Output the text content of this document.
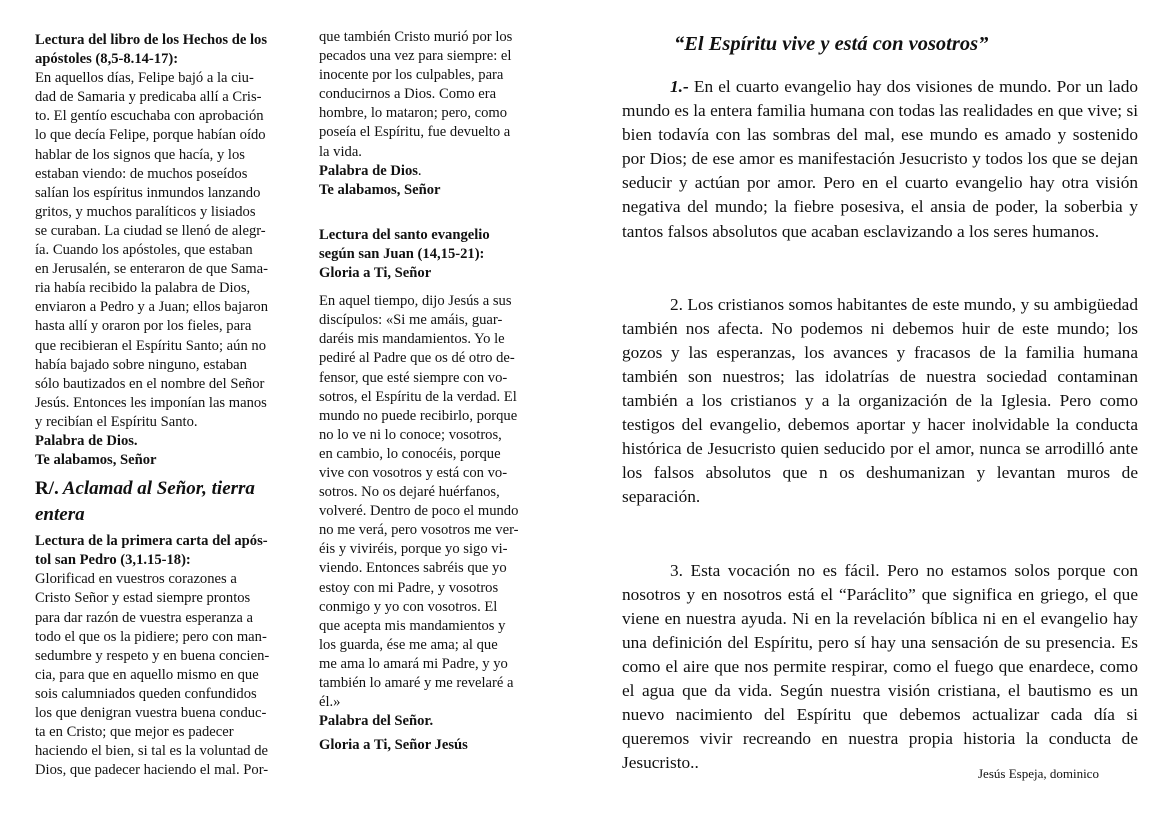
Lectura del libro de los Hechos de los apóstoles (8,5-8.14-17):

En aquellos días, Felipe bajó a la ciu-
dad de Samaria y predicaba allí a Cris-
to. El gentío escuchaba con aprobación
lo que decía Felipe, porque habían oído
hablar de los signos que hacía, y los
estaban viendo: de muchos poseídos
salían los espíritus inmundos lanzando
gritos, y muchos paralíticos y lisiados
se curaban. La ciudad se llenó de alegr-
ía. Cuando los apóstoles, que estaban
en Jerusalén, se enteraron de que Sama-
ria había recibido la palabra de Dios,
enviaron a Pedro y a Juan; ellos bajaron
hasta allí y oraron por los fieles, para
que recibieran el Espíritu Santo; aún no
había bajado sobre ninguno, estaban
sólo bautizados en el nombre del Señor
Jesús. Entonces les imponían las manos
y recibían el Espíritu Santo.

Palabra de Dios.

Te alabamos, Señor

R/. Aclamad al Señor, tierra entera

Lectura de la primera carta del após-
tol san Pedro (3,1.15-18):

Glorificad en vuestros corazones a
Cristo Señor y estad siempre prontos
para dar razón de vuestra esperanza a
todo el que os la pidiere; pero con man-
sedumbre y respeto y en buena concien-
cia, para que en aquello mismo en que
sois calumniados queden confundidos
los que denigran vuestra buena conduc-
ta en Cristo; que mejor es padecer
haciendo el bien, si tal es la voluntad de
Dios, que padecer haciendo el mal. Por-

que también Cristo murió por los
pecados una vez para siempre: el
inocente por los culpables, para
conducirnos a Dios. Como era
hombre, lo mataron; pero, como
poseía el Espíritu, fue devuelto a
la vida.

Palabra de Dios.

Te alabamos, Señor

Lectura del santo evangelio
según san Juan (14,15-21):

Gloria a Ti, Señor

En aquel tiempo, dijo Jesús a sus
discípulos: «Si me amáis, guar-
daréis mis mandamientos. Yo le
pediré al Padre que os dé otro de-
fensor, que esté siempre con vo-
sotros, el Espíritu de la verdad. El
mundo no puede recibirlo, porque
no lo ve ni lo conoce; vosotros,
en cambio, lo conocéis, porque
vive con vosotros y está con vo-
sotros. No os dejaré huérfanos,
volveré. Dentro de poco el mundo
no me verá, pero vosotros me ver-
éis y viviréis, porque yo sigo vi-
viendo. Entonces sabréis que yo
estoy con mi Padre, y vosotros
conmigo y yo con vosotros. El
que acepta mis mandamientos y
los guarda, ése me ama; al que
me ama lo amará mi Padre, y yo
también lo amaré y me revelaré a
él.»

Palabra del Señor.

Gloria a Ti, Señor Jesús

“El Espíritu vive y está con vosotros”

1.- En el cuarto evangelio hay dos visiones de mundo. Por un lado mundo es la entera familia humana con todas las realidades en que vive; si bien todavía con las sombras del mal, ese mundo es amado y sostenido por Dios; de ese amor es manifestación Jesucristo y todos los que se dejan seducir y actúan por amor. Pero en el cuarto evangelio hay otra visión negativa del mundo; la fiebre posesiva, el ansia de poder, la soberbia y tantos falsos absolutos que acaban esclavizando a los seres humanos.

2. Los cristianos somos habitantes de este mundo, y su ambigüedad también nos afecta. No podemos ni debemos huir de este mundo; los gozos y las esperanzas, los avances y fracasos de la familia humana también son nuestros; las idolatrías de nuestra sociedad contaminan también a los cristianos y a la organización de la Iglesia. Pero como testigos del evangelio, debemos aportar y hacer inolvidable la conducta histórica de Jesucristo quien seducido por el amor, nunca se arrodilló ante los falsos absolutos que n os deshumanizan y levantan muros de separación.

3. Esta vocación no es fácil. Pero no estamos solos porque con nosotros y en nosotros está el “Paráclito” que significa en griego, el que viene en nuestra ayuda. Ni en la revelación bíblica ni en el evangelio hay una definición del Espíritu, pero sí hay una sensación de su presencia. Es como el aire que nos permite respirar, como el fuego que enardece, como el agua que da vida. Según nuestra visión cristiana, el bautismo es un nuevo nacimiento del Espíritu que debemos actualizar cada día si queremos vivir recreando en nuestra propia historia la conducta de Jesucristo..

Jesús Espeja, dominico
